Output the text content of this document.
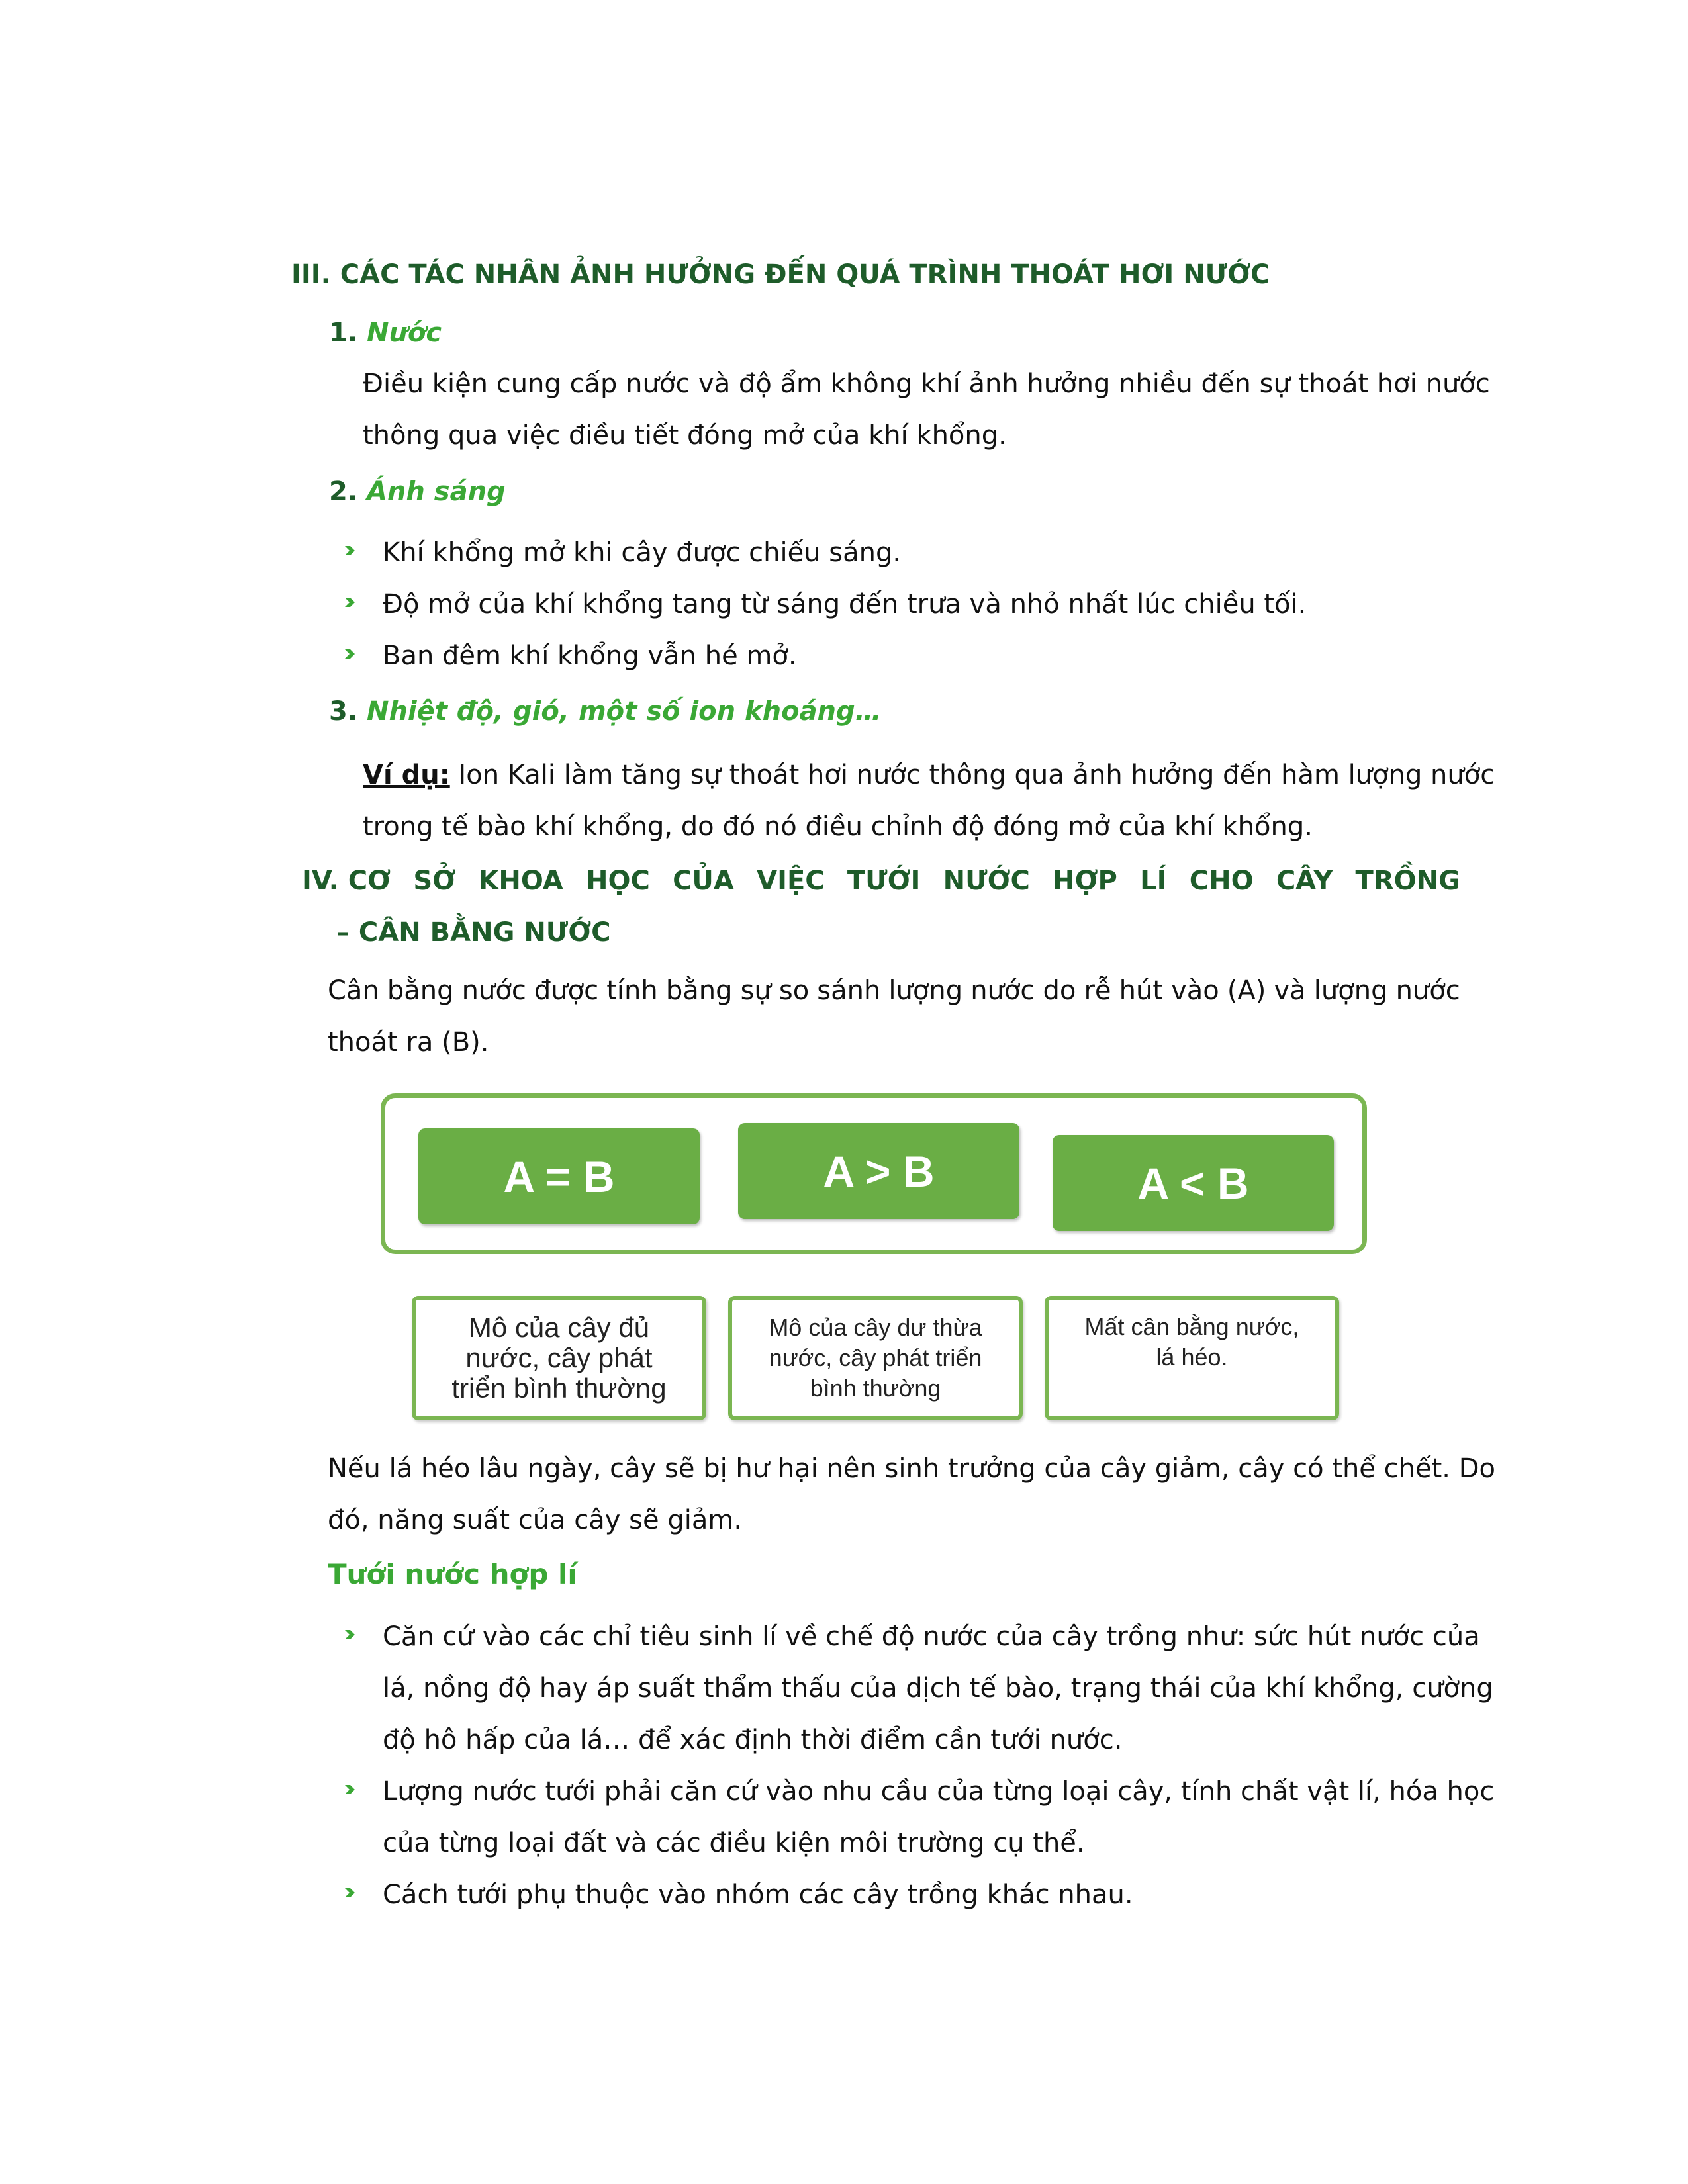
III. CÁC TÁC NHÂN ẢNH HƯỞNG ĐẾN QUÁ TRÌNH THOÁT HƠI NƯỚC
1. Nước
Điều kiện cung cấp nước và độ ẩm không khí ảnh hưởng nhiều đến sự thoát hơi nước
thông qua việc điều tiết đóng mở của khí khổng.
2. Ánh sáng
Khí khổng mở khi cây được chiếu sáng.
Độ mở của khí khổng tang từ sáng đến trưa và nhỏ nhất lúc chiều tối.
Ban đêm khí khổng vẫn hé mở.
3. Nhiệt độ, gió, một số ion khoáng…
Ví dụ: Ion Kali làm tăng sự thoát hơi nước thông qua ảnh hưởng đến hàm lượng nước
trong tế bào khí khổng, do đó nó điều chỉnh độ đóng mở của khí khổng.
IV. CƠ SỞ KHOA HỌC CỦA VIỆC TƯỚI NƯỚC HỢP LÍ CHO CÂY TRỒNG
– CÂN BẰNG NƯỚC
Cân bằng nước được tính bằng sự so sánh lượng nước do rễ hút vào (A) và lượng nước
thoát ra (B).
A = B	A > B	A < B
Mô của cây đủ
nước, cây phát
triển bình thường
Mô của cây dư thừa
nước, cây phát triển
bình thường
Mất cân bằng nước,
lá héo.
Nếu lá héo lâu ngày, cây sẽ bị hư hại nên sinh trưởng của cây giảm, cây có thể chết. Do
đó, năng suất của cây sẽ giảm.
Tưới nước hợp lí
Căn cứ vào các chỉ tiêu sinh lí về chế độ nước của cây trồng như: sức hút nước của
lá, nồng độ hay áp suất thẩm thấu của dịch tế bào, trạng thái của khí khổng, cường
độ hô hấp của lá… để xác định thời điểm cần tưới nước.
Lượng nước tưới phải căn cứ vào nhu cầu của từng loại cây, tính chất vật lí, hóa học
của từng loại đất và các điều kiện môi trường cụ thể.
Cách tưới phụ thuộc vào nhóm các cây trồng khác nhau.
